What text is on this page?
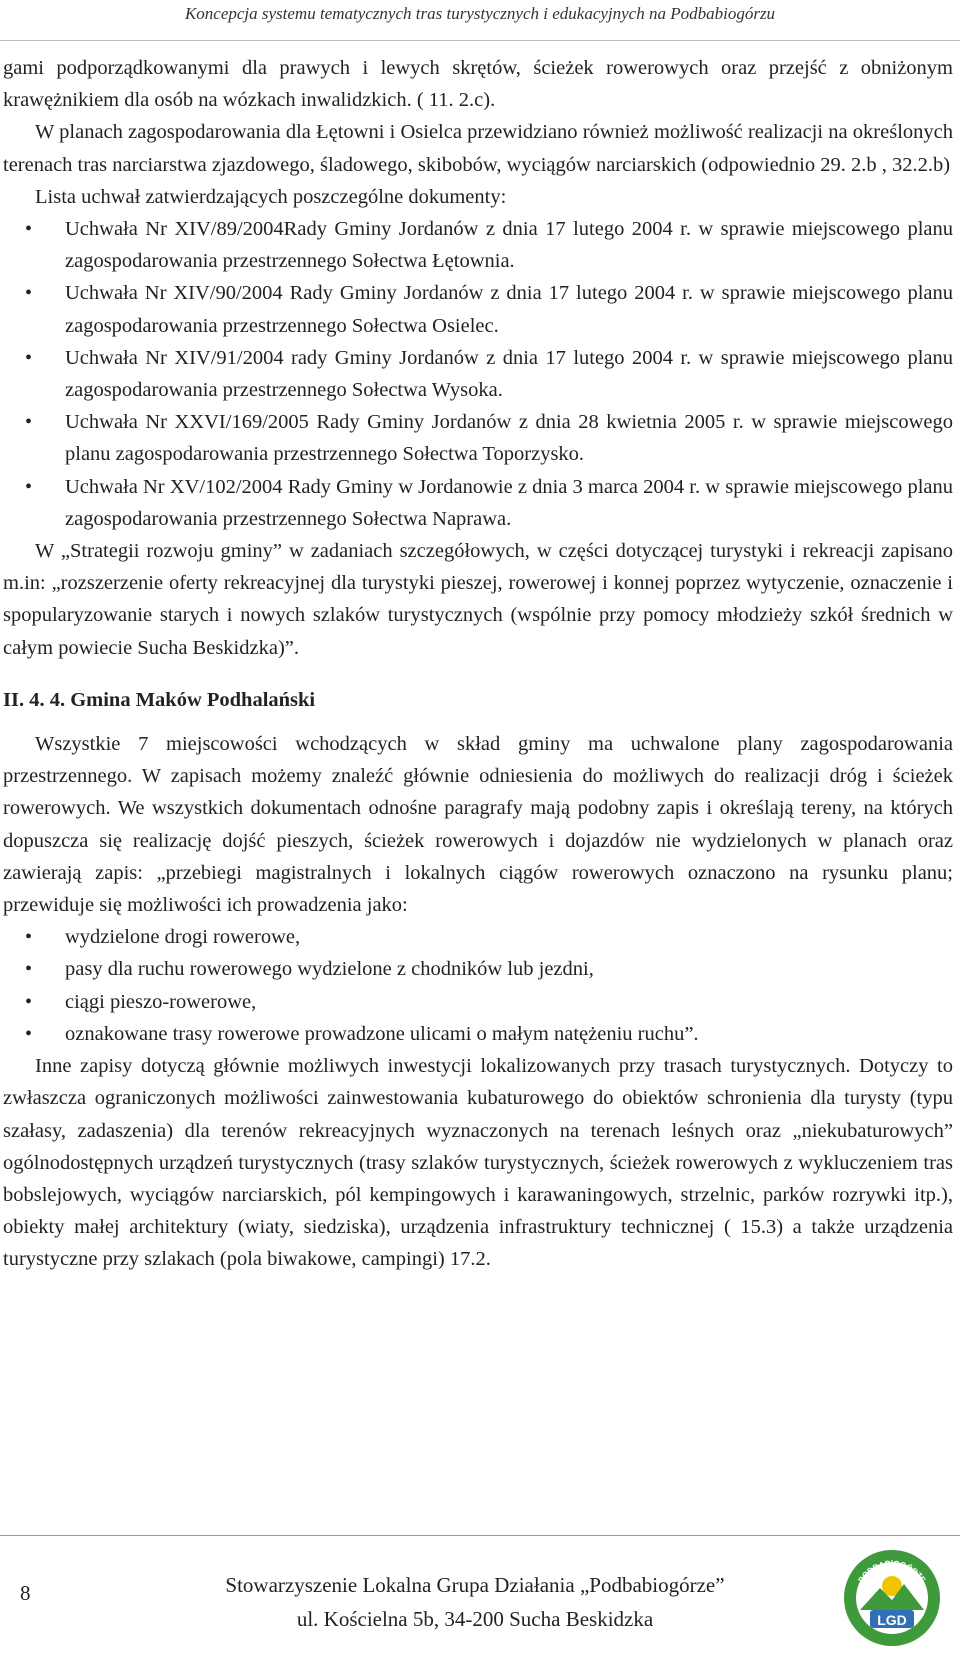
Koncepcja systemu tematycznych tras turystycznych i edukacyjnych na Podbabiogórzu

gami podporządkowanymi dla prawych i lewych skrętów, ścieżek rowerowych oraz przejść z obniżonym krawężnikiem dla osób na wózkach inwalidzkich. ( 11. 2.c).

W planach zagospodarowania dla Łętowni i Osielca przewidziano również możliwość realizacji na określonych terenach tras narciarstwa zjazdowego, śladowego, skibobów, wyciągów narciarskich (odpowiednio 29. 2.b , 32.2.b)

Lista uchwał zatwierdzających poszczególne dokumenty:

• Uchwała Nr XIV/89/2004Rady Gminy Jordanów z dnia 17 lutego 2004 r. w sprawie miejscowego planu zagospodarowania przestrzennego Sołectwa Łętownia.
• Uchwała Nr XIV/90/2004 Rady Gminy Jordanów z dnia 17 lutego 2004 r. w sprawie miejscowego planu zagospodarowania przestrzennego Sołectwa Osielec.
• Uchwała Nr XIV/91/2004 rady Gminy Jordanów z dnia 17 lutego 2004 r. w sprawie miejscowego planu zagospodarowania przestrzennego Sołectwa Wysoka.
• Uchwała Nr XXVI/169/2005 Rady Gminy Jordanów z dnia 28 kwietnia 2005 r. w sprawie miejscowego planu zagospodarowania przestrzennego Sołectwa Toporzysko.
• Uchwała Nr XV/102/2004 Rady Gminy w Jordanowie z dnia 3 marca 2004 r. w sprawie miejscowego planu zagospodarowania przestrzennego Sołectwa Naprawa.

W „Strategii rozwoju gminy” w zadaniach szczegółowych, w części dotyczącej turystyki i rekreacji zapisano m.in: „rozszerzenie oferty rekreacyjnej dla turystyki pieszej, rowerowej i konnej poprzez wytyczenie, oznaczenie i spopularyzowanie starych i nowych szlaków turystycznych (wspólnie przy pomocy młodzieży szkół średnich w całym powiecie Sucha Beskidzka)”.

II. 4. 4. Gmina Maków Podhalański

Wszystkie 7 miejscowości wchodzących w skład gminy ma uchwalone plany zagospodarowania przestrzennego. W zapisach możemy znaleźć głównie odniesienia do możliwych do realizacji dróg i ścieżek rowerowych. We wszystkich dokumentach odnośne paragrafy mają podobny zapis i określają tereny, na których dopuszcza się realizację dojść pieszych, ścieżek rowerowych i dojazdów nie wydzielonych w planach oraz zawierają zapis: „przebiegi magistralnych i lokalnych ciągów rowerowych oznaczono na rysunku planu; przewiduje się możliwości ich prowadzenia jako:

• wydzielone drogi rowerowe,
• pasy dla ruchu rowerowego wydzielone z chodników lub jezdni,
• ciągi pieszo-rowerowe,
• oznakowane trasy rowerowe prowadzone ulicami o małym natężeniu ruchu”.

Inne zapisy dotyczą głównie możliwych inwestycji lokalizowanych przy trasach turystycznych. Dotyczy to zwłaszcza ograniczonych możliwości zainwestowania kubaturowego do obiektów schronienia dla turysty (typu szałasy, zadaszenia) dla terenów rekreacyjnych wyznaczonych na terenach leśnych oraz „niekubaturowych” ogólnodostępnych urządzeń turystycznych (trasy szlaków turystycznych, ścieżek rowerowych z wykluczeniem tras bobslejowych, wyciągów narciarskich, pól kempingowych i karawaningowych, strzelnic, parków rozrywki itp.), obiekty małej architektury (wiaty, siedziska), urządzenia infrastruktury technicznej ( 15.3) a także urządzenia turystyczne przy szlakach (pola biwakowe, campingi) 17.2.

8	Stowarzyszenie Lokalna Grupa Działania „Podbabiogórze”
ul. Kościelna 5b, 34-200 Sucha Beskidzka	LGD
PODBABIOGÓRZE
